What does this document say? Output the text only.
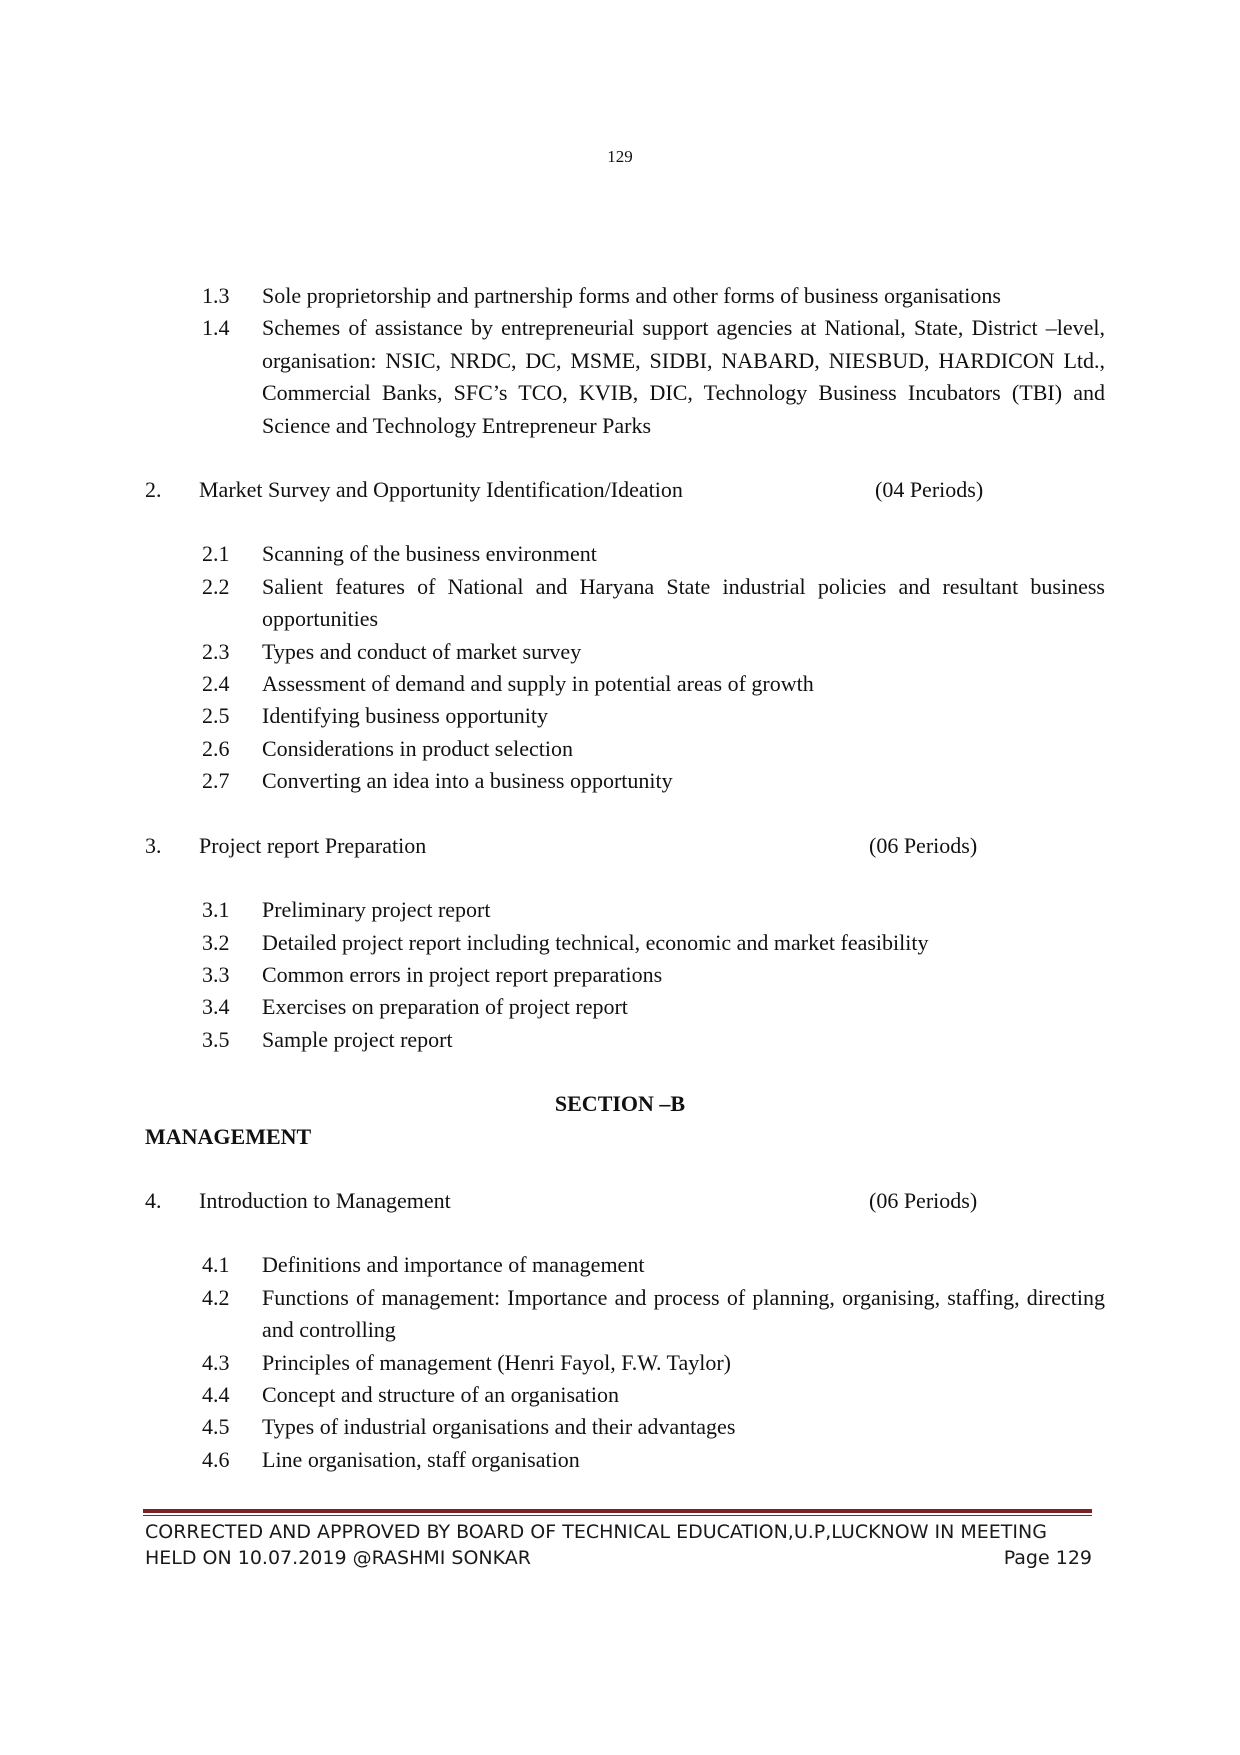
129
1.3	Sole proprietorship and partnership forms and other forms of business organisations
1.4	Schemes of assistance by entrepreneurial support agencies at National, State, District –level, organisation: NSIC, NRDC, DC, MSME, SIDBI, NABARD, NIESBUD, HARDICON Ltd., Commercial Banks, SFC’s TCO, KVIB, DIC, Technology Business Incubators (TBI) and Science and Technology Entrepreneur Parks
2.	Market Survey and Opportunity Identification/Ideation	(04 Periods)
2.1	Scanning of the business environment
2.2	Salient features of National and Haryana State industrial policies and resultant business opportunities
2.3	Types and conduct of market survey
2.4	Assessment of demand and supply in potential areas of growth
2.5	Identifying business opportunity
2.6	Considerations in product selection
2.7	Converting an idea into a business opportunity
3.	Project report Preparation	(06 Periods)
3.1	Preliminary project report
3.2	Detailed project report including technical, economic and market feasibility
3.3	Common errors in project report preparations
3.4	Exercises on preparation of project report
3.5	Sample project report
SECTION –B
MANAGEMENT
4.	Introduction to Management	(06 Periods)
4.1	Definitions and importance of management
4.2	Functions of management: Importance and process of planning, organising, staffing, directing and controlling
4.3	Principles of management (Henri Fayol, F.W. Taylor)
4.4	Concept and structure of an organisation
4.5	Types of industrial organisations and their advantages
4.6	Line organisation, staff organisation
CORRECTED AND APPROVED BY BOARD OF TECHNICAL EDUCATION,U.P,LUCKNOW IN MEETING
HELD ON 10.07.2019 @RASHMI SONKAR	Page 129
